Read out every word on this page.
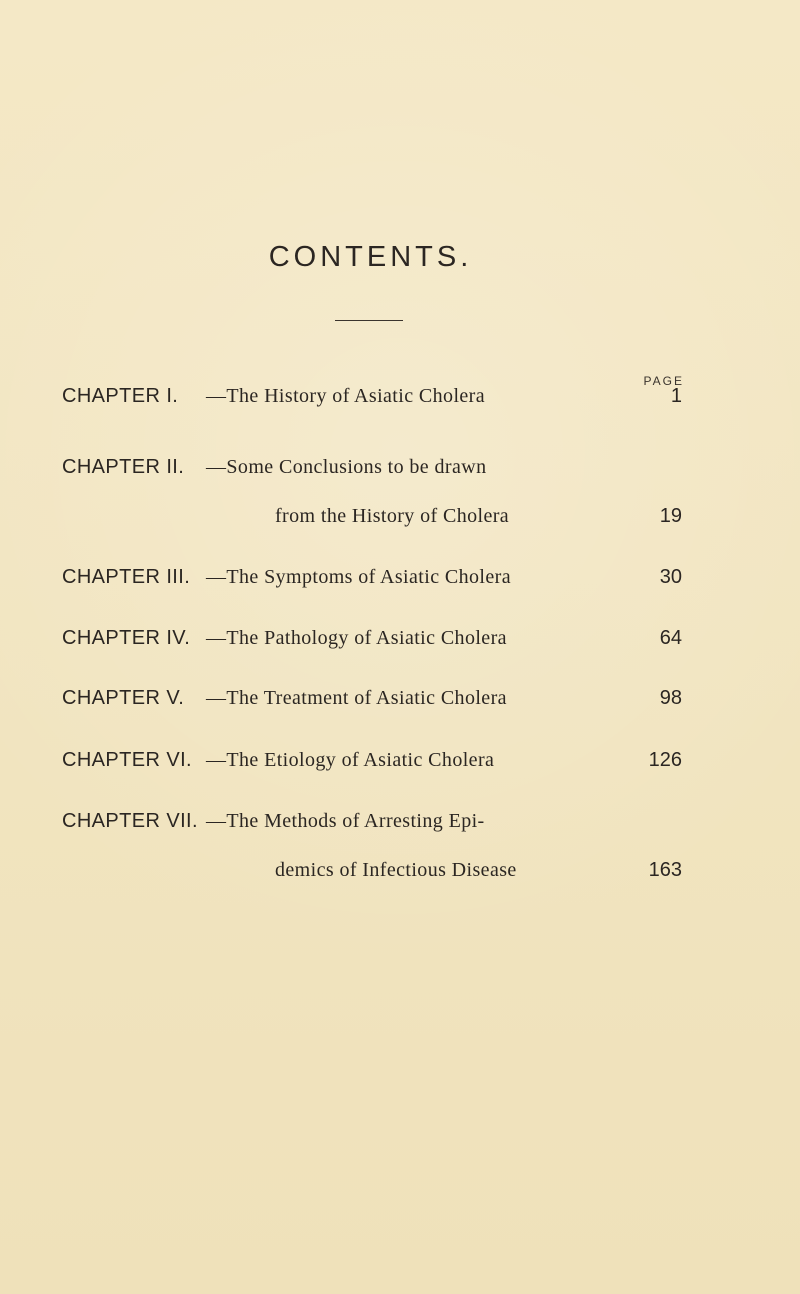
CONTENTS.
PAGE
CHAPTER I. —The History of Asiatic Cholera	1
CHAPTER II. —Some Conclusions to be drawn
from the History of Cholera	19
CHAPTER III. —The Symptoms of Asiatic Cholera	30
CHAPTER IV. —The Pathology of Asiatic Cholera	64
CHAPTER V. —The Treatment of Asiatic Cholera	98
CHAPTER VI. —The Etiology of Asiatic Cholera	126
CHAPTER VII. —The Methods of Arresting Epi-
demics of Infectious Disease	163
